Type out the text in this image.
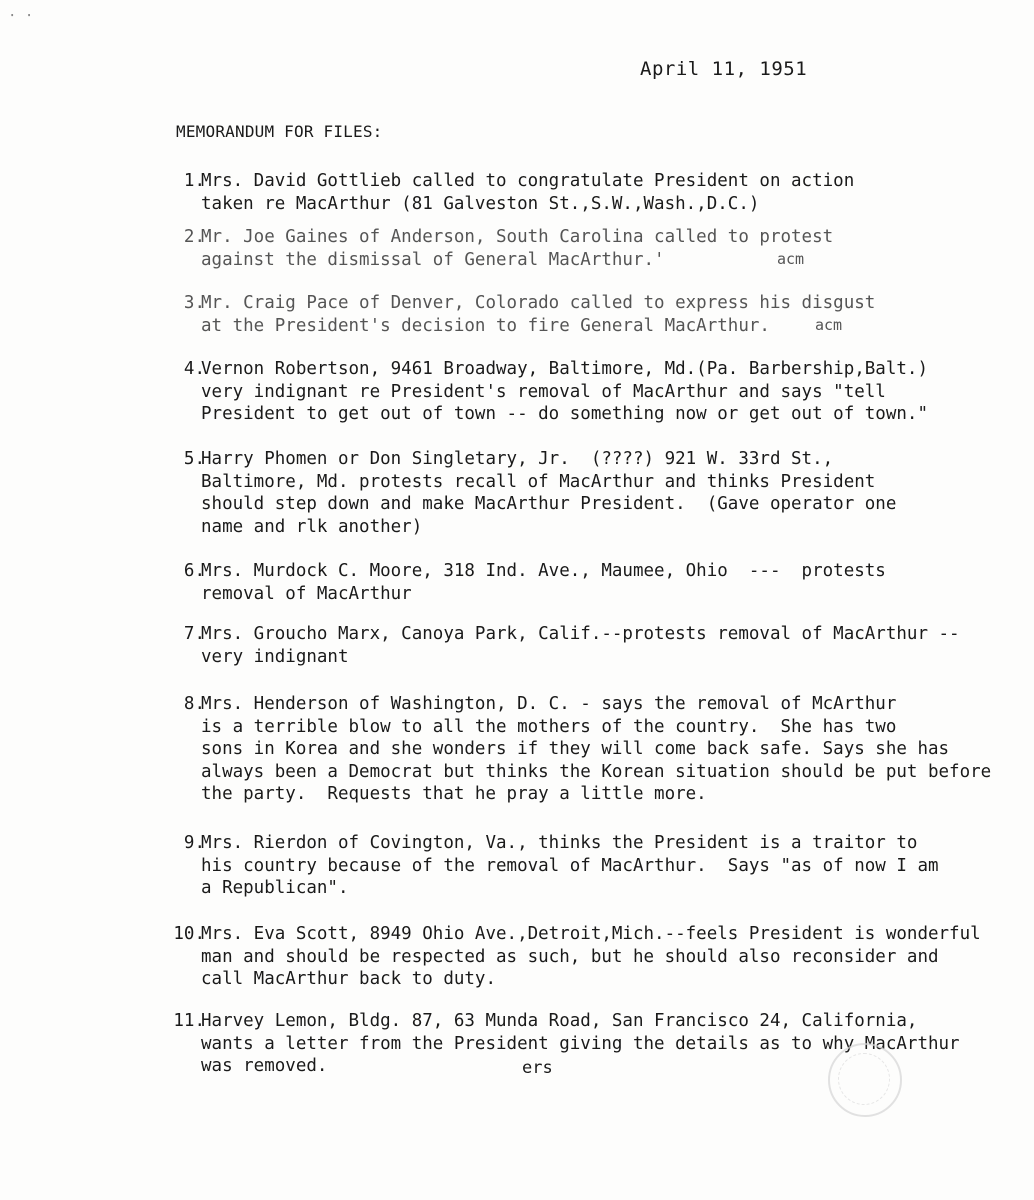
⋅ ⋅
April 11, 1951
MEMORANDUM FOR FILES:
1.
Mrs. David Gottlieb called to congratulate President on action
taken re MacArthur (81 Galveston St.,S.W.,Wash.,D.C.)
2.
Mr. Joe Gaines of Anderson, South Carolina called to protest
against the dismissal of General MacArthur.'	acm
3.
Mr. Craig Pace of Denver, Colorado called to express his disgust
at the President's decision to fire General MacArthur.	acm
4.
Vernon Robertson, 9461 Broadway, Baltimore, Md.(Pa. Barbership,Balt.)
very indignant re President's removal of MacArthur and says "tell
President to get out of town -- do something now or get out of town."
5.
Harry Phomen or Don Singletary, Jr.  (????) 921 W. 33rd St.,
Baltimore, Md. protests recall of MacArthur and thinks President
should step down and make MacArthur President.  (Gave operator one
name and rlk another)
6.
Mrs. Murdock C. Moore, 318 Ind. Ave., Maumee, Ohio  ---  protests
removal of MacArthur
7.
Mrs. Groucho Marx, Canoya Park, Calif.--protests removal of MacArthur --
very indignant
8.
Mrs. Henderson of Washington, D. C. - says the removal of McArthur
is a terrible blow to all the mothers of the country.  She has two
sons in Korea and she wonders if they will come back safe. Says she has
always been a Democrat but thinks the Korean situation should be put before
the party.  Requests that he pray a little more.
9.
Mrs. Rierdon of Covington, Va., thinks the President is a traitor to
his country because of the removal of MacArthur.  Says "as of now I am
a Republican".
10.
Mrs. Eva Scott, 8949 Ohio Ave.,Detroit,Mich.--feels President is wonderful
man and should be respected as such, but he should also reconsider and
call MacArthur back to duty.
11.
Harvey Lemon, Bldg. 87, 63 Munda Road, San Francisco 24, California,
wants a letter from the President giving the details as to why MacArthur
was removed.	ers
